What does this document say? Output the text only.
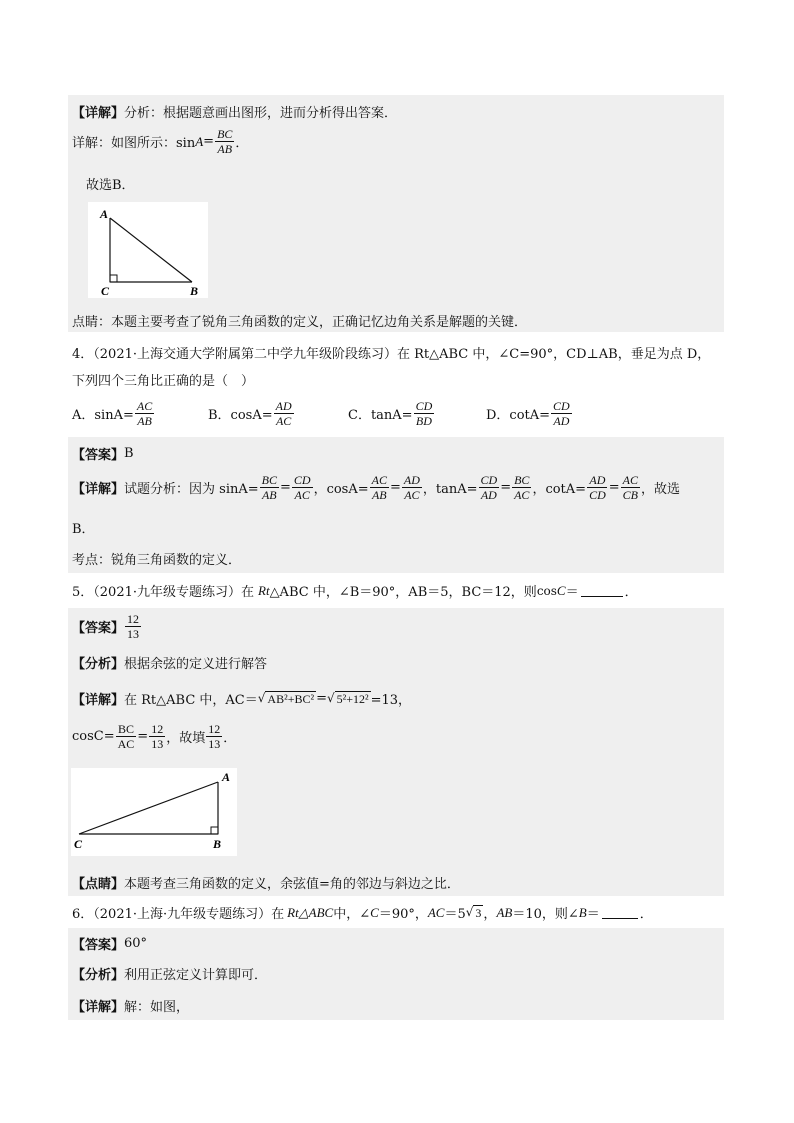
【详解】 分析：根据题意画出图形，进而分析得出答案．
详解：如图所示：$\sin A = \frac{BC}{AB}$ ．
故选B．
A
C	B
点睛：本题主要考查了锐角三角函数的定义，正确记忆边角关系是解题的关键．
4．（2021·上海交通大学附属第二中学九年级阶段练习）在 Rt△ABC 中，∠C=90°，CD⊥AB，垂足为点 D，
下列四个三角比正确的是（　）
A．$\sin A= \frac{AC}{AB}$	B．$\cos A= \frac{AD}{AC}$	C．$\tan A= \frac{CD}{BD}$	D．$\cot A= \frac{CD}{AD}$
【答案】 B
【详解】 试题分析：因为 $\sin A= \frac{BC}{AB} = \frac{CD}{AC}$ ，$\cos A= \frac{AC}{AB} = \frac{AD}{AC}$ ，$\tan A= \frac{CD}{AD} = \frac{BC}{AC}$ ，$\cot A= \frac{AD}{CD} = \frac{AC}{CB}$ ，故选
B．
考点：锐角三角函数的定义．
5．（2021·九年级专题练习）在 Rt △ABC 中，∠B＝90°，AB＝5，BC＝12，则 cos C ＝	．
【答案】 $\frac{12}{13}$
【分析】 根据余弦的定义进行解答
【详解】 在 Rt△ABC 中，AC＝ √ AB²+BC² = √ 5²+12² =13，
$\cos C= \frac{BC}{AC} = \frac{12}{13}$ ，故填 $\frac{12}{13}$ ．
A
C	B
【点睛】 本题考查三角函数的定义，余弦值=角的邻边与斜边之比．
6．（2021·上海·九年级专题练习）在 Rt△ABC 中，∠ C ＝90°， AC ＝5 √ 3 ， AB ＝10，则∠ B ＝	．
【答案】 60°
【分析】 利用正弦定义计算即可．
【详解】 解：如图，
